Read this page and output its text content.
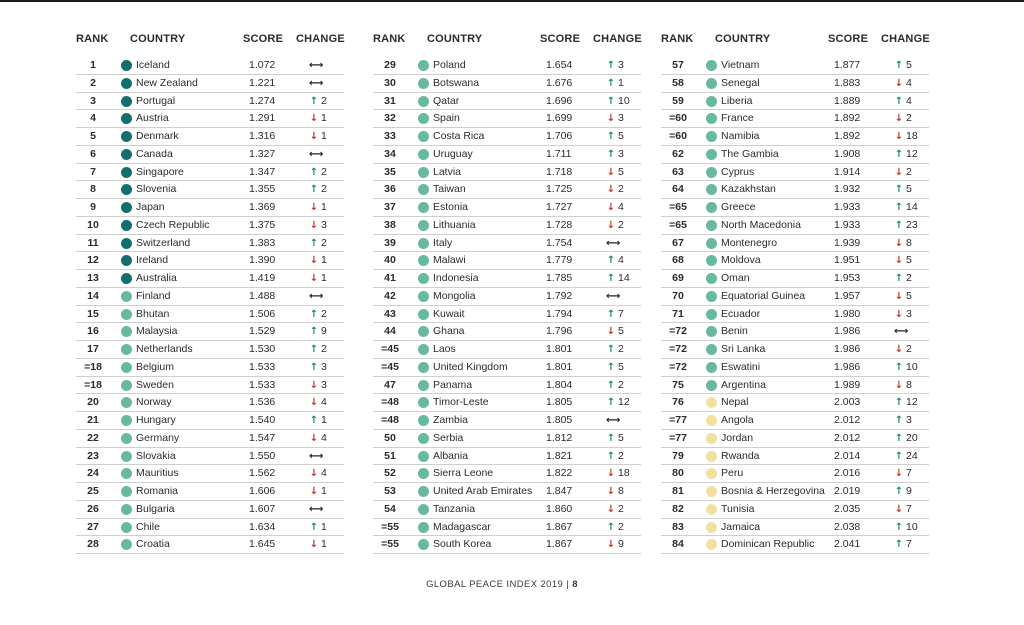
RANK COUNTRY	SCORE CHANGE
1	Iceland	1.072	⟷
2	New Zealand	1.221	⟷
3	Portugal	1.274	↑ 2
4	Austria	1.291	↓ 1
5	Denmark	1.316	↓ 1
6	Canada	1.327	⟷
7	Singapore	1.347	↑ 2
8	Slovenia	1.355	↑ 2
9	Japan	1.369	↓ 1
10	Czech Republic	1.375	↓ 3
11	Switzerland	1.383	↑ 2
12	Ireland	1.390	↓ 1
13	Australia	1.419	↓ 1
14	Finland	1.488	⟷
15	Bhutan	1.506	↑ 2
16	Malaysia	1.529	↑ 9
17	Netherlands	1.530	↑ 2
=18	Belgium	1.533	↑ 3
=18	Sweden	1.533	↓ 3
20	Norway	1.536	↓ 4
21	Hungary	1.540	↑ 1
22	Germany	1.547	↓ 4
23	Slovakia	1.550	⟷
24	Mauritius	1.562	↓ 4
25	Romania	1.606	↓ 1
26	Bulgaria	1.607	⟷
27	Chile	1.634	↑ 1
28	Croatia	1.645	↓ 1
RANK COUNTRY	SCORE CHANGE
29	Poland	1.654	↑ 3
30	Botswana	1.676	↑ 1
31	Qatar	1.696	↑ 10
32	Spain	1.699	↓ 3
33	Costa Rica	1.706	↑ 5
34	Uruguay	1.711	↑ 3
35	Latvia	1.718	↓ 5
36	Taiwan	1.725	↓ 2
37	Estonia	1.727	↓ 4
38	Lithuania	1.728	↓ 2
39	Italy	1.754	⟷
40	Malawi	1.779	↑ 4
41	Indonesia	1.785	↑ 14
42	Mongolia	1.792	⟷
43	Kuwait	1.794	↑ 7
44	Ghana	1.796	↓ 5
=45	Laos	1.801	↑ 2
=45	United Kingdom	1.801	↑ 5
47	Panama	1.804	↑ 2
=48	Timor-Leste	1.805	↑ 12
=48	Zambia	1.805	⟷
50	Serbia	1.812	↑ 5
51	Albania	1.821	↑ 2
52	Sierra Leone	1.822	↓ 18
53	United Arab Emirates 1.847	↓ 8
54	Tanzania	1.860	↓ 2
=55	Madagascar	1.867	↑ 2
=55	South Korea	1.867	↓ 9
RANK COUNTRY	SCORE CHANGE
57	Vietnam	1.877	↑ 5
58	Senegal	1.883	↓ 4
59	Liberia	1.889	↑ 4
=60	France	1.892	↓ 2
=60	Namibia	1.892	↓ 18
62	The Gambia	1.908	↑ 12
63	Cyprus	1.914	↓ 2
64	Kazakhstan	1.932	↑ 5
=65	Greece	1.933	↑ 14
=65	North Macedonia	1.933	↑ 23
67	Montenegro	1.939	↓ 8
68	Moldova	1.951	↓ 5
69	Oman	1.953	↑ 2
70	Equatorial Guinea	1.957	↓ 5
71	Ecuador	1.980	↓ 3
=72	Benin	1.986	⟷
=72	Sri Lanka	1.986	↓ 2
=72	Eswatini	1.986	↑ 10
75	Argentina	1.989	↓ 8
76	Nepal	2.003	↑ 12
=77	Angola	2.012	↑ 3
=77	Jordan	2.012	↑ 20
79	Rwanda	2.014	↑ 24
80	Peru	2.016	↓ 7
81	Bosnia & Herzegovina 2.019	↑ 9
82	Tunisia	2.035	↓ 7
83	Jamaica	2.038	↑ 10
84	Dominican Republic 2.041	↑ 7
GLOBAL PEACE INDEX 2019 | 8
